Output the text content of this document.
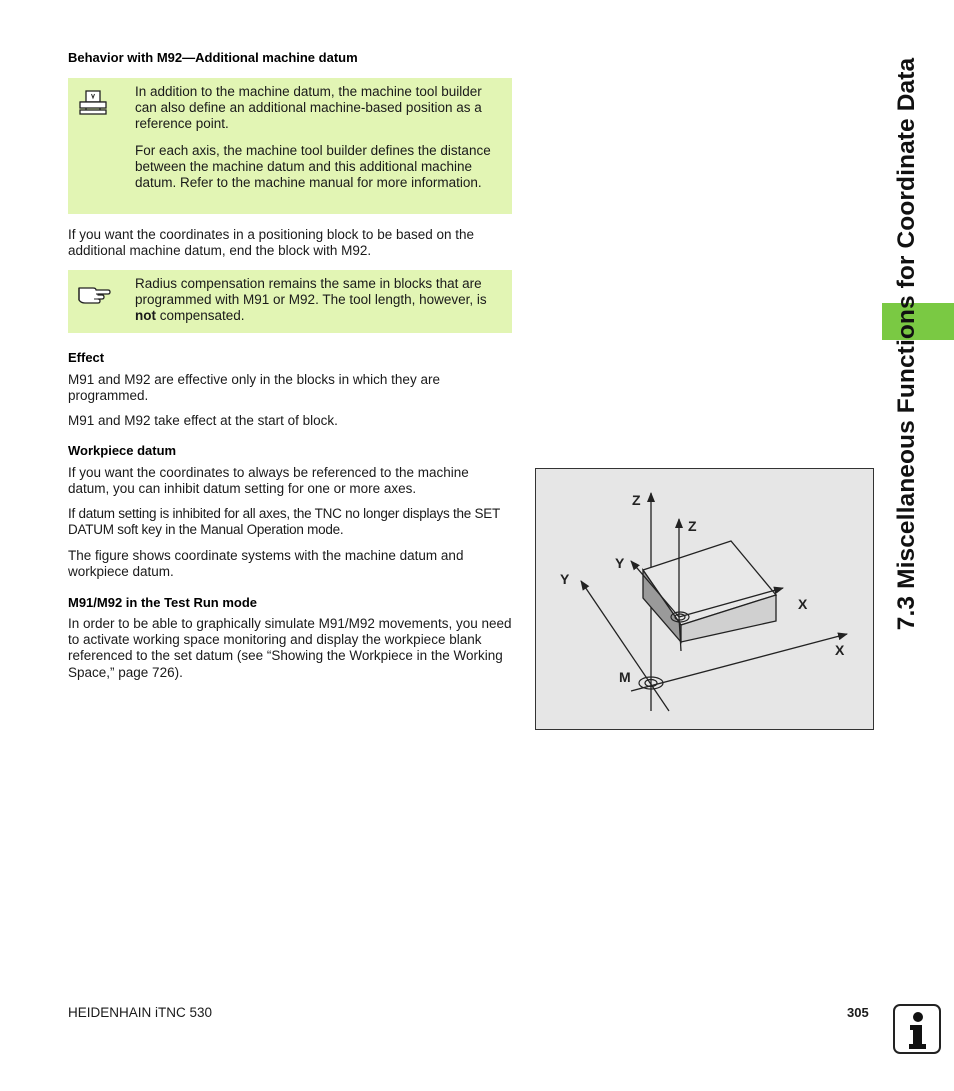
Behavior with M92—Additional machine datum

In addition to the machine datum, the machine tool builder can also define an additional machine-based position as a reference point.

For each axis, the machine tool builder defines the distance between the machine datum and this additional machine datum. Refer to the machine manual for more information.

If you want the coordinates in a positioning block to be based on the additional machine datum, end the block with M92.
Radius compensation remains the same in blocks that are programmed with M91 or M92. The tool length, however, is not compensated.
Effect
M91 and M92 are effective only in the blocks in which they are programmed.
M91 and M92 take effect at the start of block.
Workpiece datum
If you want the coordinates to always be referenced to the machine datum, you can inhibit datum setting for one or more axes.
If datum setting is inhibited for all axes, the TNC no longer displays the SET DATUM soft key in the Manual Operation mode.
The figure shows coordinate systems with the machine datum and workpiece datum.
M91/M92 in the Test Run mode
In order to be able to graphically simulate M91/M92 movements, you need to activate working space monitoring and display the workpiece blank referenced to the set datum (see “Showing the Workpiece in the Working Space,” page 726).
Z
Z
Y
Y
X
X
M
7.3 Miscellaneous Functions for Coordinate Data
HEIDENHAIN iTNC 530	305
